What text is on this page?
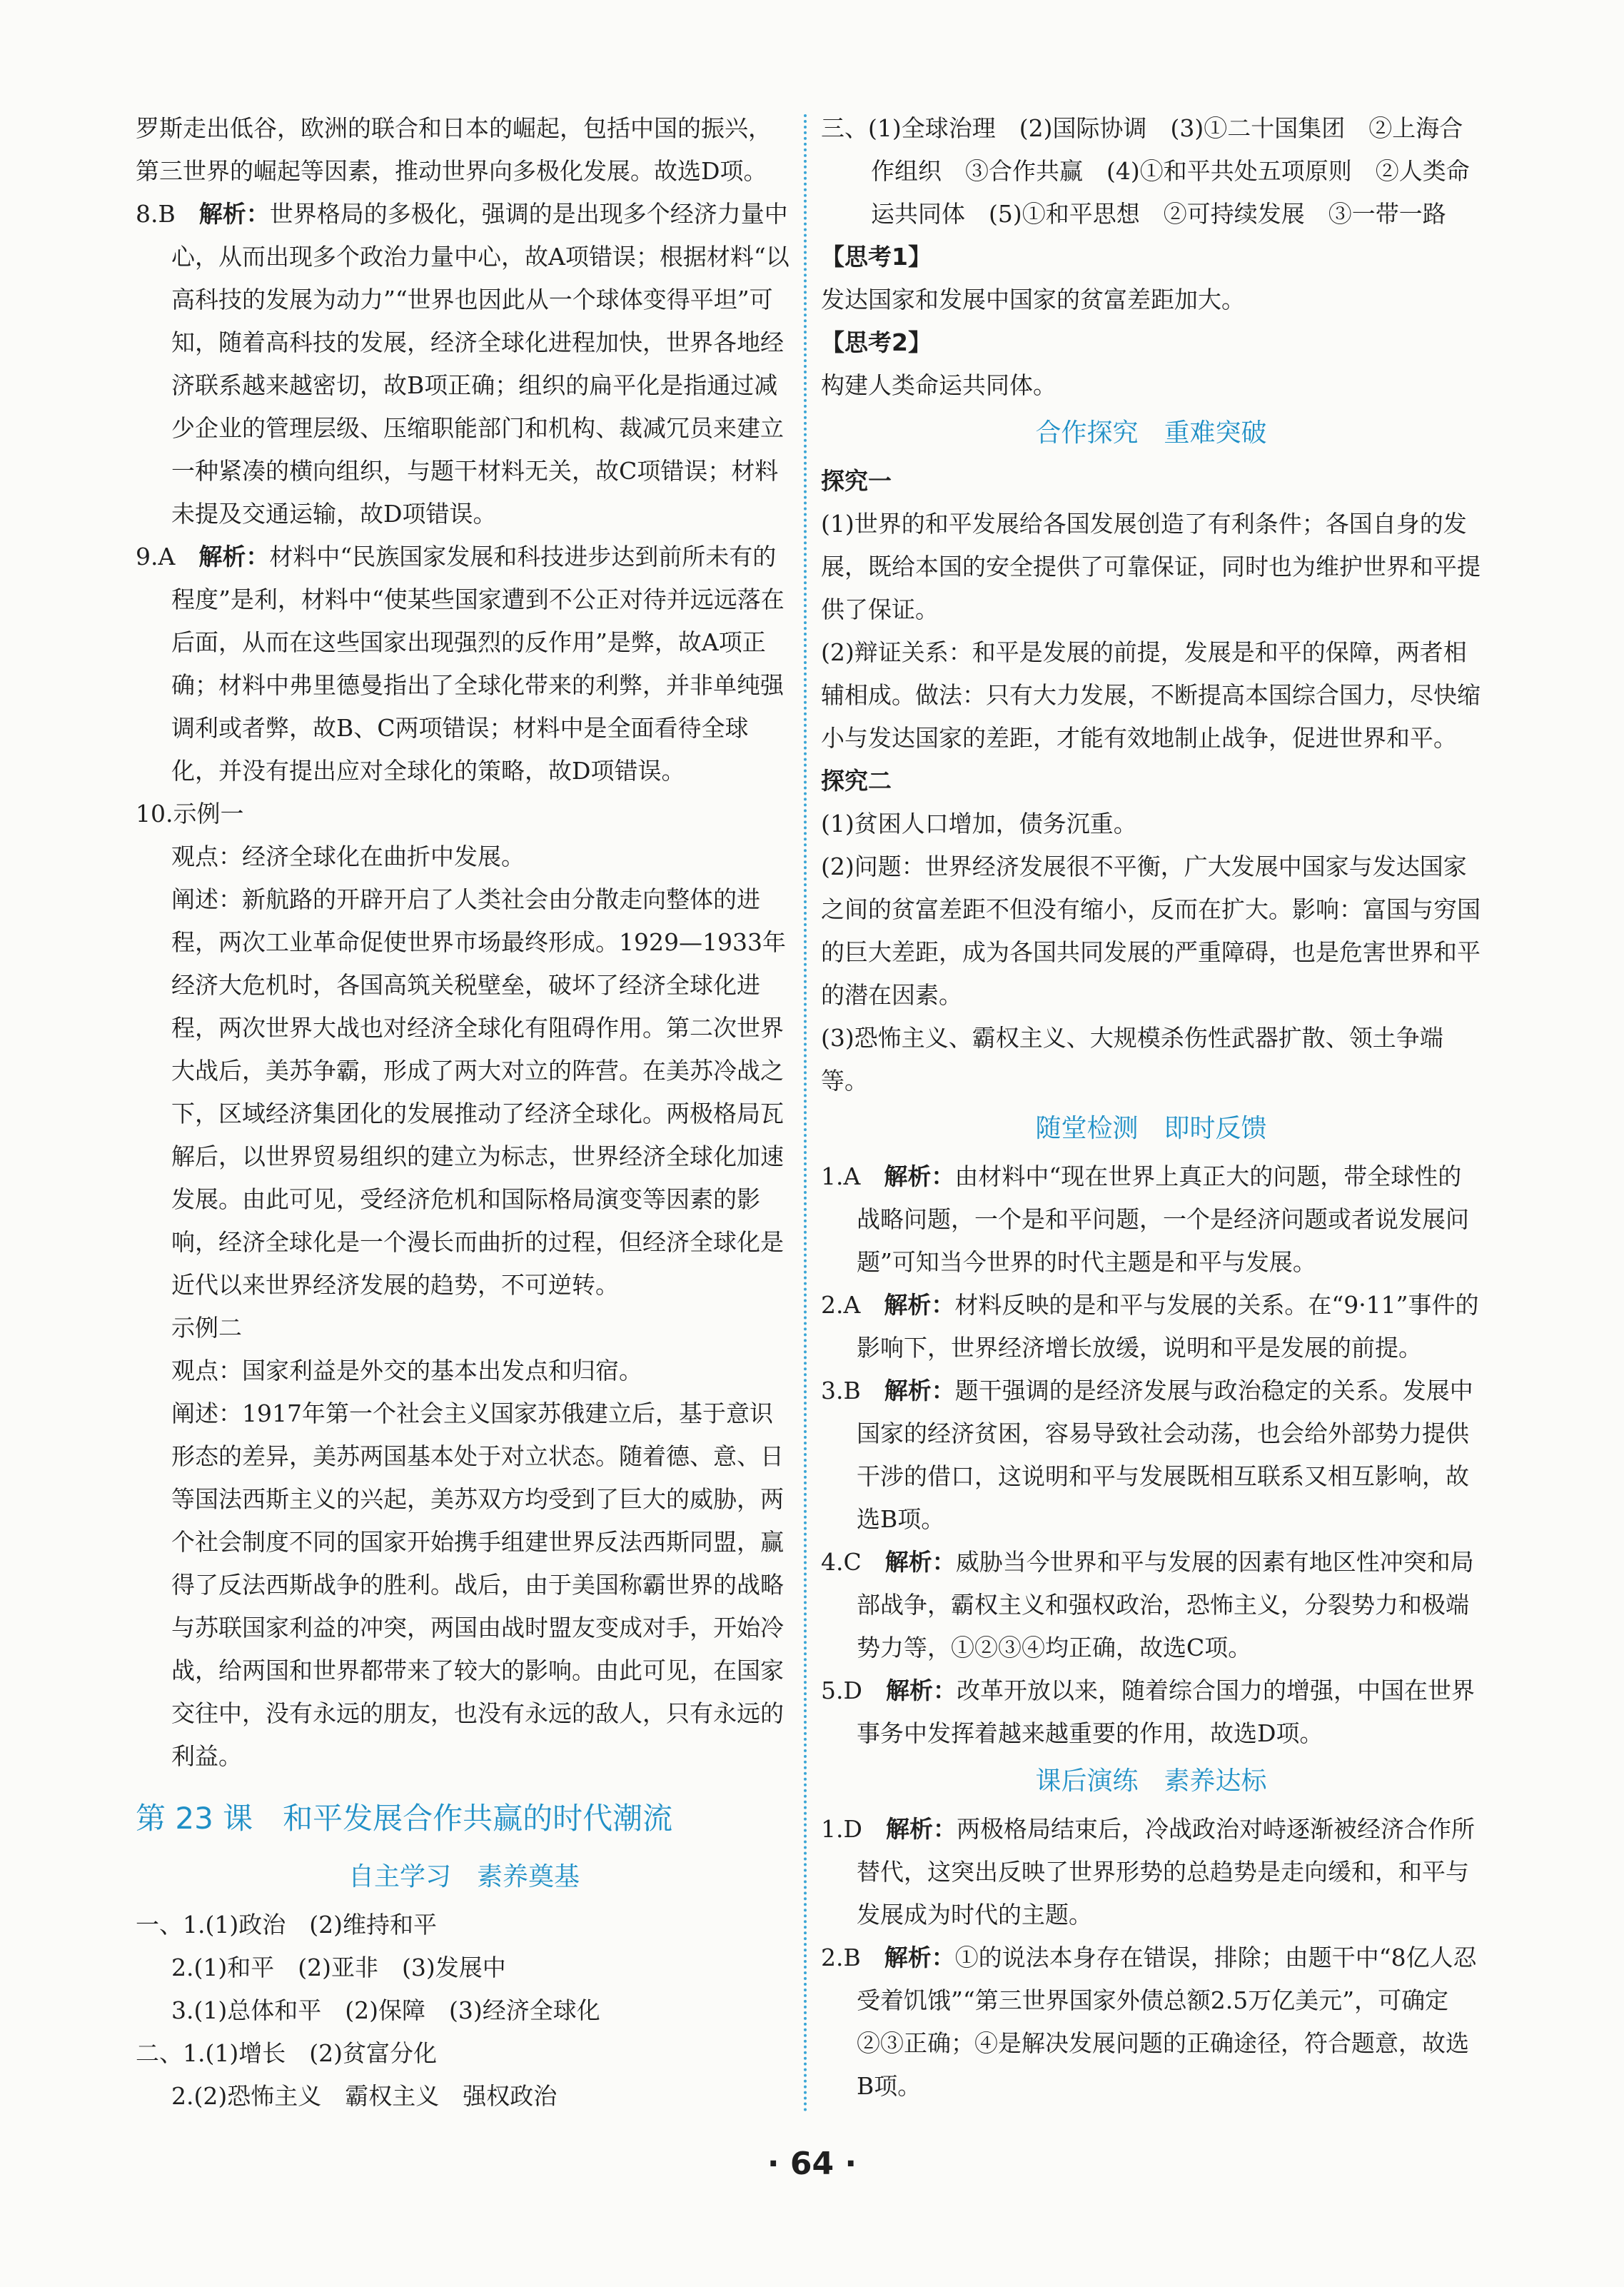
罗斯走出低谷，欧洲的联合和日本的崛起，包括中国的振兴，第三世界的崛起等因素，推动世界向多极化发展。故选D项。

8.B　 解析：世界格局的多极化，强调的是出现多个经济力量中心，从而出现多个政治力量中心，故A项错误；根据材料“以高科技的发展为动力”“世界也因此从一个球体变得平坦”可知，随着高科技的发展，经济全球化进程加快，世界各地经济联系越来越密切，故B项正确；组织的扁平化是指通过减少企业的管理层级、压缩职能部门和机构、裁减冗员来建立一种紧凑的横向组织，与题干材料无关，故C项错误；材料未提及交通运输，故D项错误。

9.A　 解析：材料中“民族国家发展和科技进步达到前所未有的程度”是利，材料中“使某些国家遭到不公正对待并远远落在后面，从而在这些国家出现强烈的反作用”是弊，故A项正确；材料中弗里德曼指出了全球化带来的利弊，并非单纯强调利或者弊，故B、C两项错误；材料中是全面看待全球化，并没有提出应对全球化的策略，故D项错误。

10.示例一

观点：经济全球化在曲折中发展。

阐述：新航路的开辟开启了人类社会由分散走向整体的进程，两次工业革命促使世界市场最终形成。1929—1933年经济大危机时，各国高筑关税壁垒，破坏了经济全球化进程，两次世界大战也对经济全球化有阻碍作用。第二次世界大战后，美苏争霸，形成了两大对立的阵营。在美苏冷战之下，区域经济集团化的发展推动了经济全球化。两极格局瓦解后，以世界贸易组织的建立为标志，世界经济全球化加速发展。由此可见，受经济危机和国际格局演变等因素的影响，经济全球化是一个漫长而曲折的过程，但经济全球化是近代以来世界经济发展的趋势，不可逆转。

示例二

观点：国家利益是外交的基本出发点和归宿。

阐述：1917年第一个社会主义国家苏俄建立后，基于意识形态的差异，美苏两国基本处于对立状态。随着德、意、日等国法西斯主义的兴起，美苏双方均受到了巨大的威胁，两个社会制度不同的国家开始携手组建世界反法西斯同盟，赢得了反法西斯战争的胜利。战后，由于美国称霸世界的战略与苏联国家利益的冲突，两国由战时盟友变成对手，开始冷战，给两国和世界都带来了较大的影响。由此可见，在国家交往中，没有永远的朋友，也没有永远的敌人，只有永远的利益。

第 23 课　和平发展合作共赢的时代潮流
自主学习　素养奠基

一、1.(1)政治　(2)维持和平

2.(1)和平　(2)亚非　(3)发展中

3.(1)总体和平　(2)保障　(3)经济全球化

二、1.(1)增长　(2)贫富分化

2.(2)恐怖主义　霸权主义　强权政治

三、(1)全球治理　(2)国际协调　(3)①二十国集团　②上海合作组织　③合作共赢　(4)①和平共处五项原则　②人类命运共同体　(5)①和平思想　②可持续发展　③一带一路

【思考1】

发达国家和发展中国家的贫富差距加大。

【思考2】

构建人类命运共同体。

合作探究　重难突破

探究一

(1)世界的和平发展给各国发展创造了有利条件；各国自身的发展，既给本国的安全提供了可靠保证，同时也为维护世界和平提供了保证。

(2)辩证关系：和平是发展的前提，发展是和平的保障，两者相辅相成。做法：只有大力发展，不断提高本国综合国力，尽快缩小与发达国家的差距，才能有效地制止战争，促进世界和平。

探究二

(1)贫困人口增加，债务沉重。

(2)问题：世界经济发展很不平衡，广大发展中国家与发达国家之间的贫富差距不但没有缩小，反而在扩大。影响：富国与穷国的巨大差距，成为各国共同发展的严重障碍，也是危害世界和平的潜在因素。

(3)恐怖主义、霸权主义、大规模杀伤性武器扩散、领土争端等。

随堂检测　即时反馈

1.A　 解析：由材料中“现在世界上真正大的问题，带全球性的战略问题，一个是和平问题，一个是经济问题或者说发展问题”可知当今世界的时代主题是和平与发展。

2.A　 解析：材料反映的是和平与发展的关系。在“9·11”事件的影响下，世界经济增长放缓，说明和平是发展的前提。

3.B　 解析：题干强调的是经济发展与政治稳定的关系。发展中国家的经济贫困，容易导致社会动荡，也会给外部势力提供干涉的借口，这说明和平与发展既相互联系又相互影响，故选B项。

4.C　 解析：威胁当今世界和平与发展的因素有地区性冲突和局部战争，霸权主义和强权政治，恐怖主义，分裂势力和极端势力等，①②③④均正确，故选C项。

5.D　 解析：改革开放以来，随着综合国力的增强，中国在世界事务中发挥着越来越重要的作用，故选D项。

课后演练　素养达标

1.D　 解析：两极格局结束后，冷战政治对峙逐渐被经济合作所替代，这突出反映了世界形势的总趋势是走向缓和，和平与发展成为时代的主题。

2.B　 解析：①的说法本身存在错误，排除；由题干中“8亿人忍受着饥饿”“第三世界国家外债总额2.5万亿美元”，可确定②③正确；④是解决发展问题的正确途径，符合题意，故选B项。

· 64 ·
